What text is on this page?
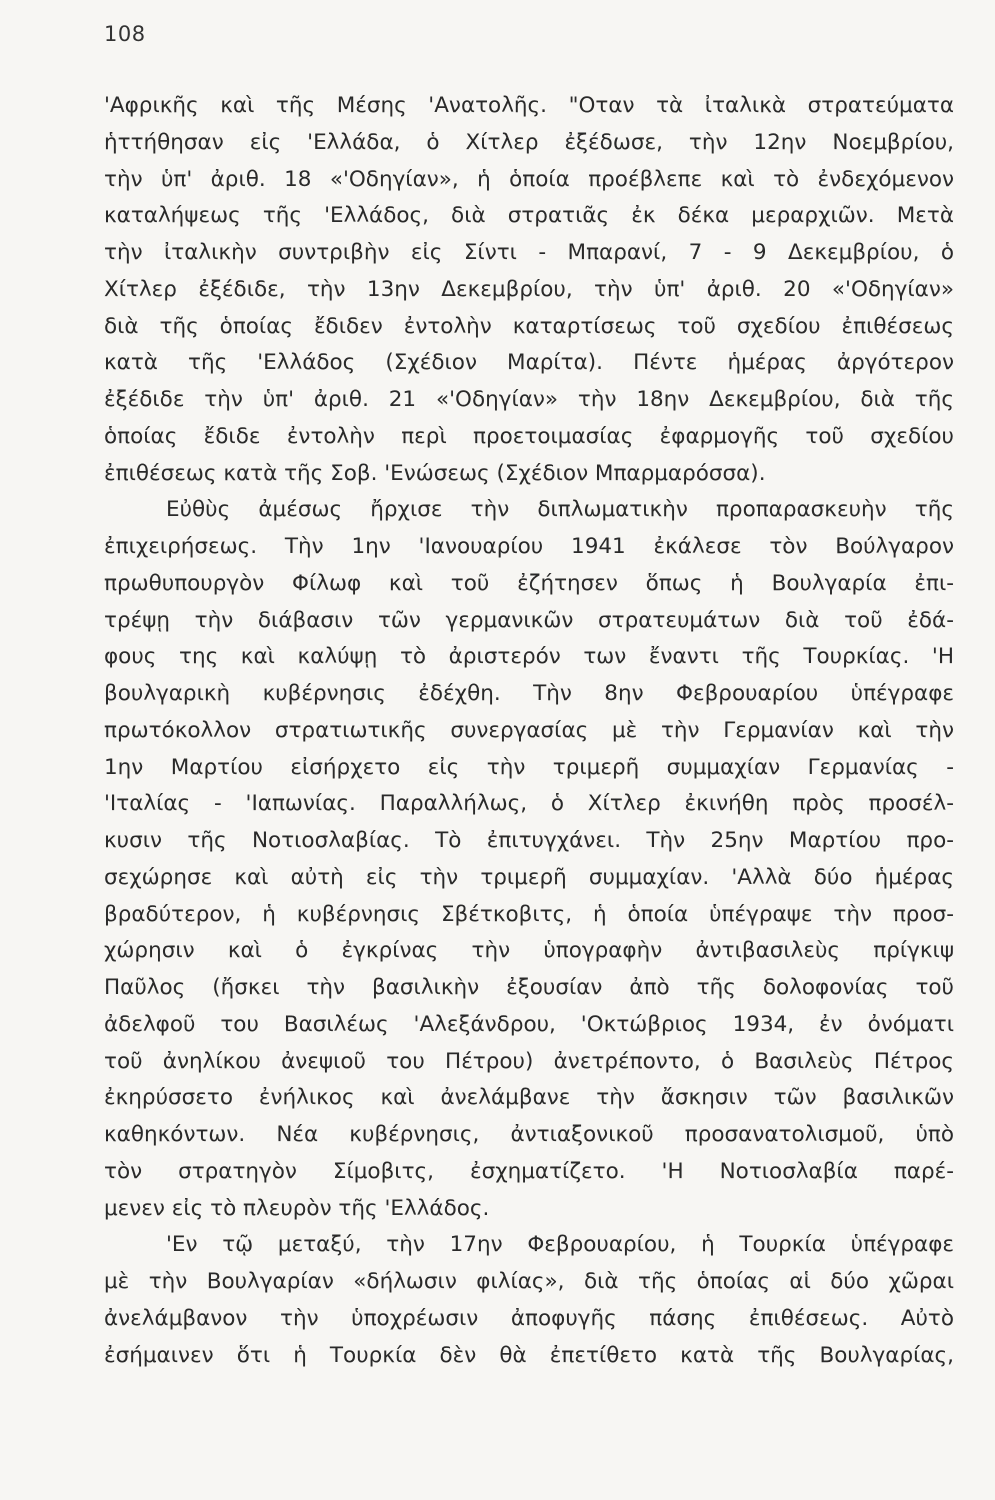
108
'Αφρικῆς καὶ τῆς Μέσης 'Ανατολῆς. "Οταν τὰ ἰταλικὰ στρατεύματα
ἡττήθησαν εἰς 'Ελλάδα, ὁ Χίτλερ ἐξέδωσε, τὴν 12ην Νοεμβρίου,
τὴν ὑπ' ἀριθ. 18 «'Οδηγίαν», ἡ ὁποία προέβλεπε καὶ τὸ ἐνδεχόμενον
καταλήψεως τῆς 'Ελλάδος, διὰ στρατιᾶς ἐκ δέκα μεραρχιῶν. Μετὰ
τὴν ἰταλικὴν συντριβὴν εἰς Σίντι - Μπαρανί, 7 - 9 Δεκεμβρίου, ὁ
Χίτλερ ἐξέδιδε, τὴν 13ην Δεκεμβρίου, τὴν ὑπ' ἀριθ. 20 «'Οδηγίαν»
διὰ τῆς ὁποίας ἔδιδεν ἐντολὴν καταρτίσεως τοῦ σχεδίου ἐπιθέσεως
κατὰ τῆς 'Ελλάδος (Σχέδιον Μαρίτα). Πέντε ἡμέρας ἀργότερον
ἐξέδιδε τὴν ὑπ' ἀριθ. 21 «'Οδηγίαν» τὴν 18ην Δεκεμβρίου, διὰ τῆς
ὁποίας ἔδιδε ἐντολὴν περὶ προετοιμασίας ἐφαρμογῆς τοῦ σχεδίου
ἐπιθέσεως κατὰ τῆς Σοβ. 'Ενώσεως (Σχέδιον Μπαρμαρόσσα).
Εὐθὺς ἀμέσως ἤρχισε τὴν διπλωματικὴν προπαρασκευὴν τῆς
ἐπιχειρήσεως. Τὴν 1ην 'Ιανουαρίου 1941 ἐκάλεσε τὸν Βούλγαρον
πρωθυπουργὸν Φίλωφ καὶ τοῦ ἐζήτησεν ὅπως ἡ Βουλγαρία ἐπι-
τρέψῃ τὴν διάβασιν τῶν γερμανικῶν στρατευμάτων διὰ τοῦ ἐδά-
φους της καὶ καλύψῃ τὸ ἀριστερόν των ἔναντι τῆς Τουρκίας. 'Η
βουλγαρικὴ κυβέρνησις ἐδέχθη. Τὴν 8ην Φεβρουαρίου ὑπέγραφε
πρωτόκολλον στρατιωτικῆς συνεργασίας μὲ τὴν Γερμανίαν καὶ τὴν
1ην Μαρτίου εἰσήρχετο εἰς τὴν τριμερῆ συμμαχίαν Γερμανίας -
'Ιταλίας - 'Ιαπωνίας. Παραλλήλως, ὁ Χίτλερ ἐκινήθη πρὸς προσέλ-
κυσιν τῆς Νοτιοσλαβίας. Τὸ ἐπιτυγχάνει. Τὴν 25ην Μαρτίου προ-
σεχώρησε καὶ αὐτὴ εἰς τὴν τριμερῆ συμμαχίαν. 'Αλλὰ δύο ἡμέρας
βραδύτερον, ἡ κυβέρνησις Σβέτκοβιτς, ἡ ὁποία ὑπέγραψε τὴν προσ-
χώρησιν καὶ ὁ ἐγκρίνας τὴν ὑπογραφὴν ἀντιβασιλεὺς πρίγκιψ
Παῦλος (ἤσκει τὴν βασιλικὴν ἐξουσίαν ἀπὸ τῆς δολοφονίας τοῦ
ἀδελφοῦ του Βασιλέως 'Αλεξάνδρου, 'Οκτώβριος 1934, ἐν ὀνόματι
τοῦ ἀνηλίκου ἀνεψιοῦ του Πέτρου) ἀνετρέποντο, ὁ Βασιλεὺς Πέτρος
ἐκηρύσσετο ἐνήλικος καὶ ἀνελάμβανε τὴν ἄσκησιν τῶν βασιλικῶν
καθηκόντων. Νέα κυβέρνησις, ἀντιαξονικοῦ προσανατολισμοῦ, ὑπὸ
τὸν στρατηγὸν Σίμοβιτς, ἐσχηματίζετο. 'Η Νοτιοσλαβία παρέ-
μενεν εἰς τὸ πλευρὸν τῆς 'Ελλάδος.
'Εν τῷ μεταξύ, τὴν 17ην Φεβρουαρίου, ἡ Τουρκία ὑπέγραφε
μὲ τὴν Βουλγαρίαν «δήλωσιν φιλίας», διὰ τῆς ὁποίας αἱ δύο χῶραι
ἀνελάμβανον τὴν ὑποχρέωσιν ἀποφυγῆς πάσης ἐπιθέσεως. Αὐτὸ
ἐσήμαινεν ὅτι ἡ Τουρκία δὲν θὰ ἐπετίθετο κατὰ τῆς Βουλγαρίας,
